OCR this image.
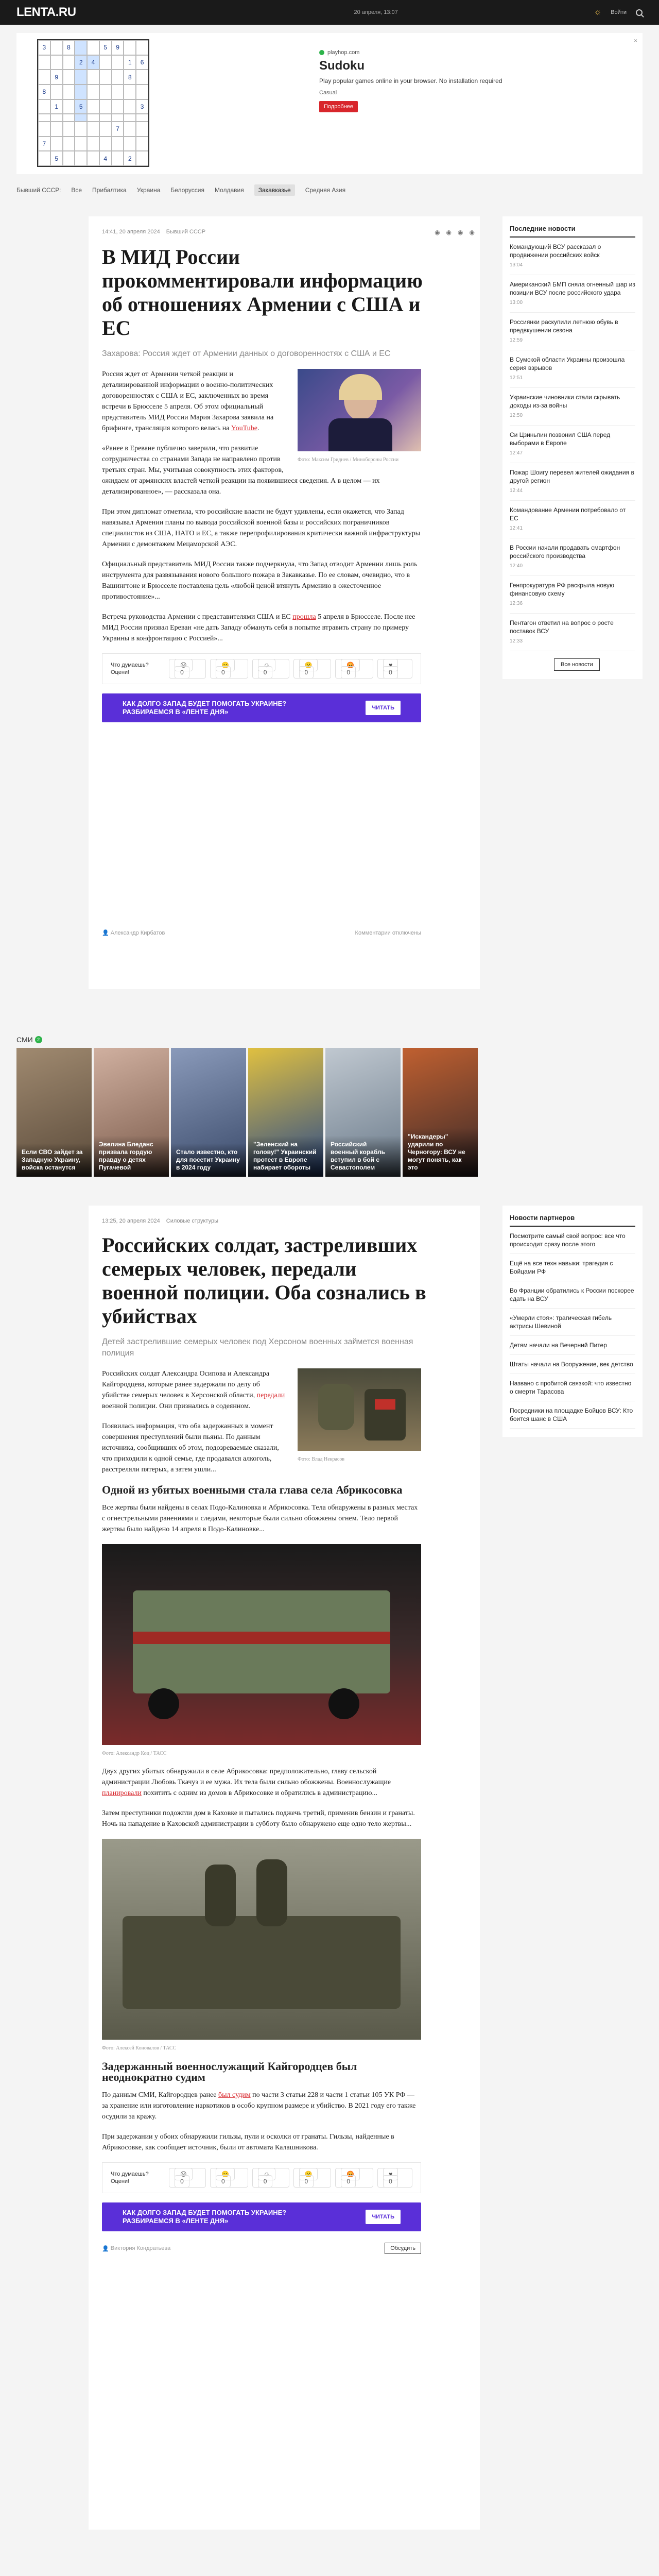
LENTA.RU	20 апреля, 13:07	☼ Войти
3	8	5	9
2	4	1	6
9	8
8
1	5	3
7
7
5	4	2
playhop.com
Sudoku
Play popular games online in your browser. No installation required
Casual
Подробнее
×
Бывший СССР: Все Прибалтика Украина Белоруссия Молдавия	Закавказье	Средняя Азия
14:41, 20 апреля 2024 Бывший СССР	◉ ◉ ◉ ◉
В МИД России прокомментировали информацию об отношениях Армении с США и ЕС
Захарова: Россия ждет от Армении данных о договоренностях с США и ЕС
Фото: Максим Гриднев / Минобороны России

Россия ждет от Армении четкой реакции и детализированной информации о военно-политических договоренностях с США и ЕС, заключенных во время встречи в Брюсселе 5 апреля. Об этом официальный представитель МИД России Мария Захарова заявила на брифинге, трансляция которого велась на YouTube.

«Ранее в Ереване публично заверили, что развитие сотрудничества со странами Запада не направлено против третьих стран. Мы, учитывая совокупность этих факторов, ожидаем от армянских властей четкой реакции на появившиеся сведения. А в целом — их детализированное», — рассказала она.

При этом дипломат отметила, что российские власти не будут удивлены, если окажется, что Запад навязывал Армении планы по вывода российской военной базы и российских пограничников специалистов из США, НАТО и ЕС, а также перепрофилирования критически важной инфраструктуры Армении с демонтажем Мецаморской АЭС.

Официальный представитель МИД России также подчеркнула, что Запад отводит Армении лишь роль инструмента для развязывания нового большого пожара в Закавказье. По ее словам, очевидно, что в Вашингтоне и Брюсселе поставлена цель «любой ценой втянуть Армению в ожесточенное противостояние»...

Встреча руководства Армении с представителями США и ЕС прошла 5 апреля в Брюсселе. После нее МИД России призвал Ереван «не дать Западу обмануть себя в попытке втравить страну по примеру Украины в конфронтацию с Россией»...

Что думаешь? Оцени!
☹ 0
😐 0
☺ 0
😮 0
😡 0
♥ 0
КАК ДОЛГО ЗАПАД БУДЕТ ПОМОГАТЬ УКРАИНЕ?
РАЗБИРАЕМСЯ В «ЛЕНТЕ ДНЯ»	ЧИТАТЬ
👤 Александр Кирбатов	Комментарии отключены
Последние новости
Командующий ВСУ рассказал о продвижении российских войск
13:04
Американский БМП сняла огненный шар из позиции ВСУ после российского удара
13:00
Россиянки раскупили летнюю обувь в предвкушении сезона
12:59
В Сумской области Украины произошла серия взрывов
12:51
Украинские чиновники стали скрывать доходы из-за войны
12:50
Си Цзиньпин позвонил США перед выборами в Европе
12:47
Пожар Шоигу перевел жителей ожидания в другой регион
12:44
Командование Армении потребовало от ЕС
12:41
В России начали продавать смартфон российского производства
12:40
Генпрокуратура РФ раскрыла новую финансовую схему
12:36
Пентагон ответил на вопрос о росте поставок ВСУ
12:33
Все новости
СМИ 2
Если СВО зайдет за Западную Украину, войска останутся
Эвелина Бледанс призвала гордую правду о детях Пугачевой
Стало известно, кто для посетит Украину в 2024 году
"Зеленский на голову!" Украинский протест в Европе набирает обороты
Российский военный корабль вступил в бой с Севастополем
"Искандеры" ударили по Черногору: ВСУ не могут понять, как это
13:25, 20 апреля 2024 Силовые структуры
Российских солдат, застреливших семерых человек, передали военной полиции. Оба сознались в убийствах
Детей застрелившие семерых человек под Херсоном военных займется военная полиция
Фото: Влад Некрасов

Российских солдат Александра Осипова и Александра Кайгородцева, которые ранее задержали по делу об убийстве семерых человек в Херсонской области, передали военной полиции. Они признались в содеянном.

Появилась информация, что оба задержанных в момент совершения преступлений были пьяны. По данным источника, сообщивших об этом, подозреваемые сказали, что приходили к одной семье, где продавался алкоголь, расстреляли пятерых, а затем ушли...

Одной из убитых военными стала глава села Абрикосовка

Все жертвы были найдены в селах Подо-Калиновка и Абрикосовка. Тела обнаружены в разных местах с огнестрельными ранениями и следами, некоторые были сильно обожжены огнем. Тело первой жертвы было найдено 14 апреля в Подо-Калиновке...

Фото: Александр Коц / ТАСС

Двух других убитых обнаружили в селе Абрикосовка: предположительно, главу сельской администрации Любовь Ткачуэ и ее мужа. Их тела были сильно обожжены. Военнослужащие планировали похитить с одним из домов в Абрикосовке и обратились в администрацию...

Затем преступники подожгли дом в Каховке и пытались поджечь третий, применив бензин и гранаты. Ночь на нападение в Каховской администрации в субботу было обнаружено еще одно тело жертвы...

Фото: Алексей Коновалов / ТАСС
Задержанный военнослужащий Кайгородцев был неоднократно судим

По данным СМИ, Кайгородцев ранее был судим по части 3 статьи 228 и части 1 статьи 105 УК РФ — за хранение или изготовление наркотиков в особо крупном размере и убийство. В 2021 году его также осудили за кражу.

При задержании у обоих обнаружили гильзы, пули и осколки от гранаты. Гильзы, найденные в Абрикосовке, как сообщает источник, были от автомата Калашникова.

Что думаешь? Оцени!
☹ 0
😐 0
☺ 0
😮 0
😡 0
♥ 0
КАК ДОЛГО ЗАПАД БУДЕТ ПОМОГАТЬ УКРАИНЕ?
РАЗБИРАЕМСЯ В «ЛЕНТЕ ДНЯ»	ЧИТАТЬ
👤 Виктория Кондратьева	Обсудить
Новости партнеров
Посмотрите самый свой вопрос: все что происходит сразу после этого
Ещё на все техн навыки: трагедия с Бойцами РФ
Во Франции обратились к России поскорее сдать на ВСУ
«Умерли стоя»: трагическая гибель актрисы Шевиной
Детям начали на Вечерний Питер
Штаты начали на Вооружение, век детство
Названо с пробитой связкой: что известно о смерти Тарасова
Посредники на площадке Бойцов ВСУ: Кто боится шанс в США
